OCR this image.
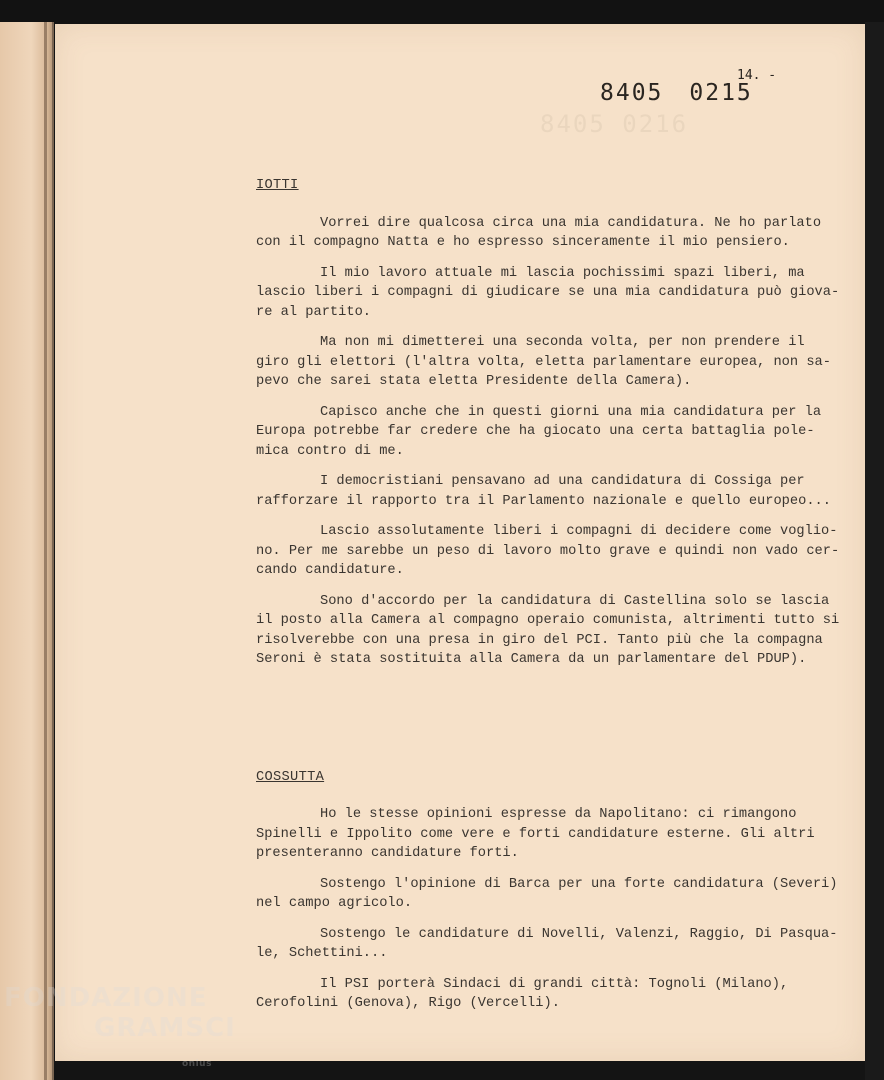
8405 0216
8405 0215
14. -
IOTTI
Vorrei dire qualcosa circa una mia candidatura. Ne ho parlato
con il compagno Natta e ho espresso sinceramente il mio pensiero.
Il mio lavoro attuale mi lascia pochissimi spazi liberi, ma
lascio liberi i compagni di giudicare se una mia candidatura può giova-
re al partito.
Ma non mi dimetterei una seconda volta, per non prendere il
giro gli elettori (l'altra volta, eletta parlamentare europea, non sa-
pevo che sarei stata eletta Presidente della Camera).
Capisco anche che in questi giorni una mia candidatura per la
Europa potrebbe far credere che ha giocato una certa battaglia pole-
mica contro di me.
I democristiani pensavano ad una candidatura di Cossiga per
rafforzare il rapporto tra il Parlamento nazionale e quello europeo...
Lascio assolutamente liberi i compagni di decidere come voglio-
no. Per me sarebbe un peso di lavoro molto grave e quindi non vado cer-
cando candidature.
Sono d'accordo per la candidatura di Castellina solo se lascia
il posto alla Camera al compagno operaio comunista, altrimenti tutto si
risolverebbe con una presa in giro del PCI. Tanto più che la compagna
Seroni è stata sostituita alla Camera da un parlamentare del PDUP).
COSSUTTA
Ho le stesse opinioni espresse da Napolitano: ci rimangono
Spinelli e Ippolito come vere e forti candidature esterne. Gli altri
presenteranno candidature forti.
Sostengo l'opinione di Barca per una forte candidatura (Severi)
nel campo agricolo.
Sostengo le candidature di Novelli, Valenzi, Raggio, Di Pasqua-
le, Schettini...
Il PSI porterà Sindaci di grandi città: Tognoli (Milano),
Cerofolini (Genova), Rigo (Vercelli).
FONDAZIONE
GRAMSCI
onlus
